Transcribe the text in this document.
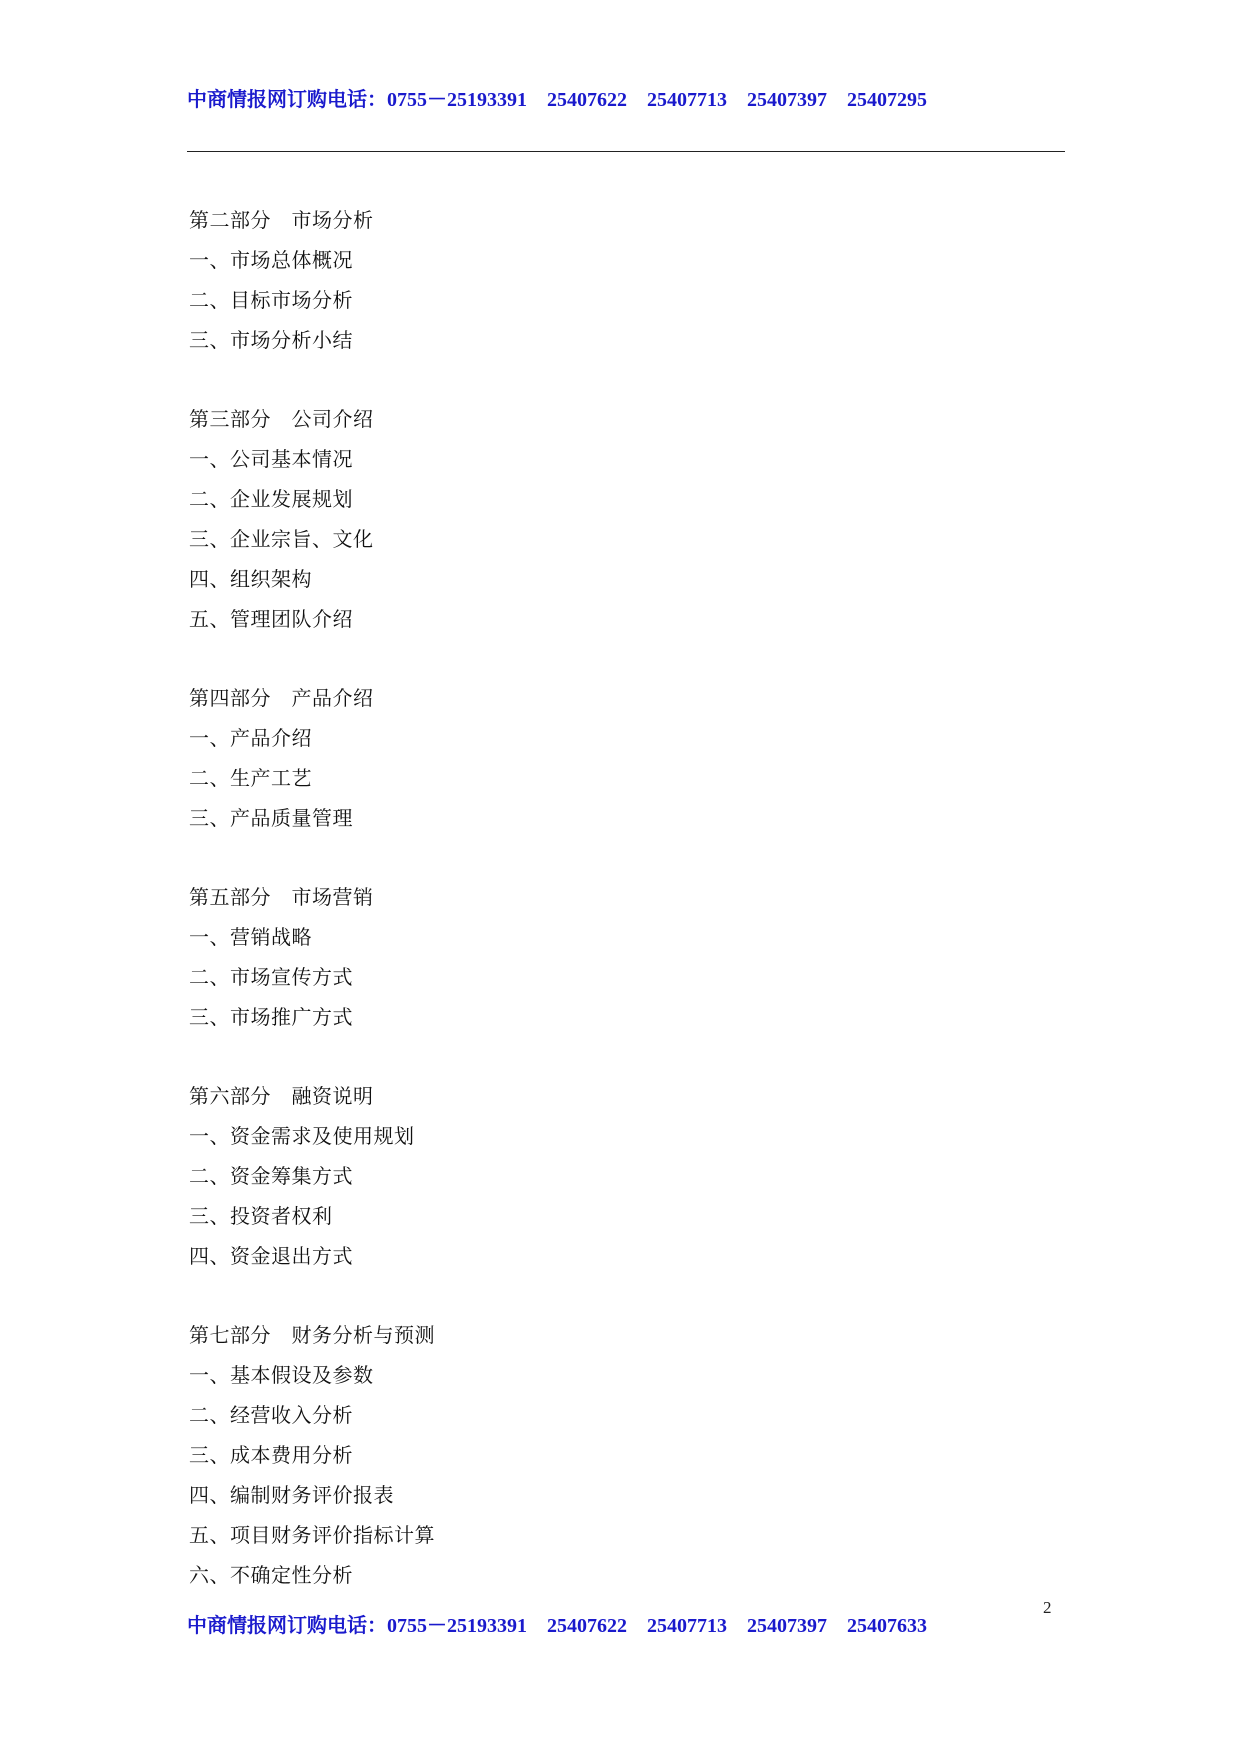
中商情报网订购电话：0755－25193391    25407622    25407713    25407397    25407295
第二部分　市场分析
一、市场总体概况
二、目标市场分析
三、市场分析小结
第三部分　公司介绍
一、公司基本情况
二、企业发展规划
三、企业宗旨、文化
四、组织架构
五、管理团队介绍
第四部分　产品介绍
一、产品介绍
二、生产工艺
三、产品质量管理
第五部分　市场营销
一、营销战略
二、市场宣传方式
三、市场推广方式
第六部分　融资说明
一、资金需求及使用规划
二、资金筹集方式
三、投资者权利
四、资金退出方式
第七部分　财务分析与预测
一、基本假设及参数
二、经营收入分析
三、成本费用分析
四、编制财务评价报表
五、项目财务评价指标计算
六、不确定性分析
2
中商情报网订购电话：0755－25193391    25407622    25407713    25407397    25407633
